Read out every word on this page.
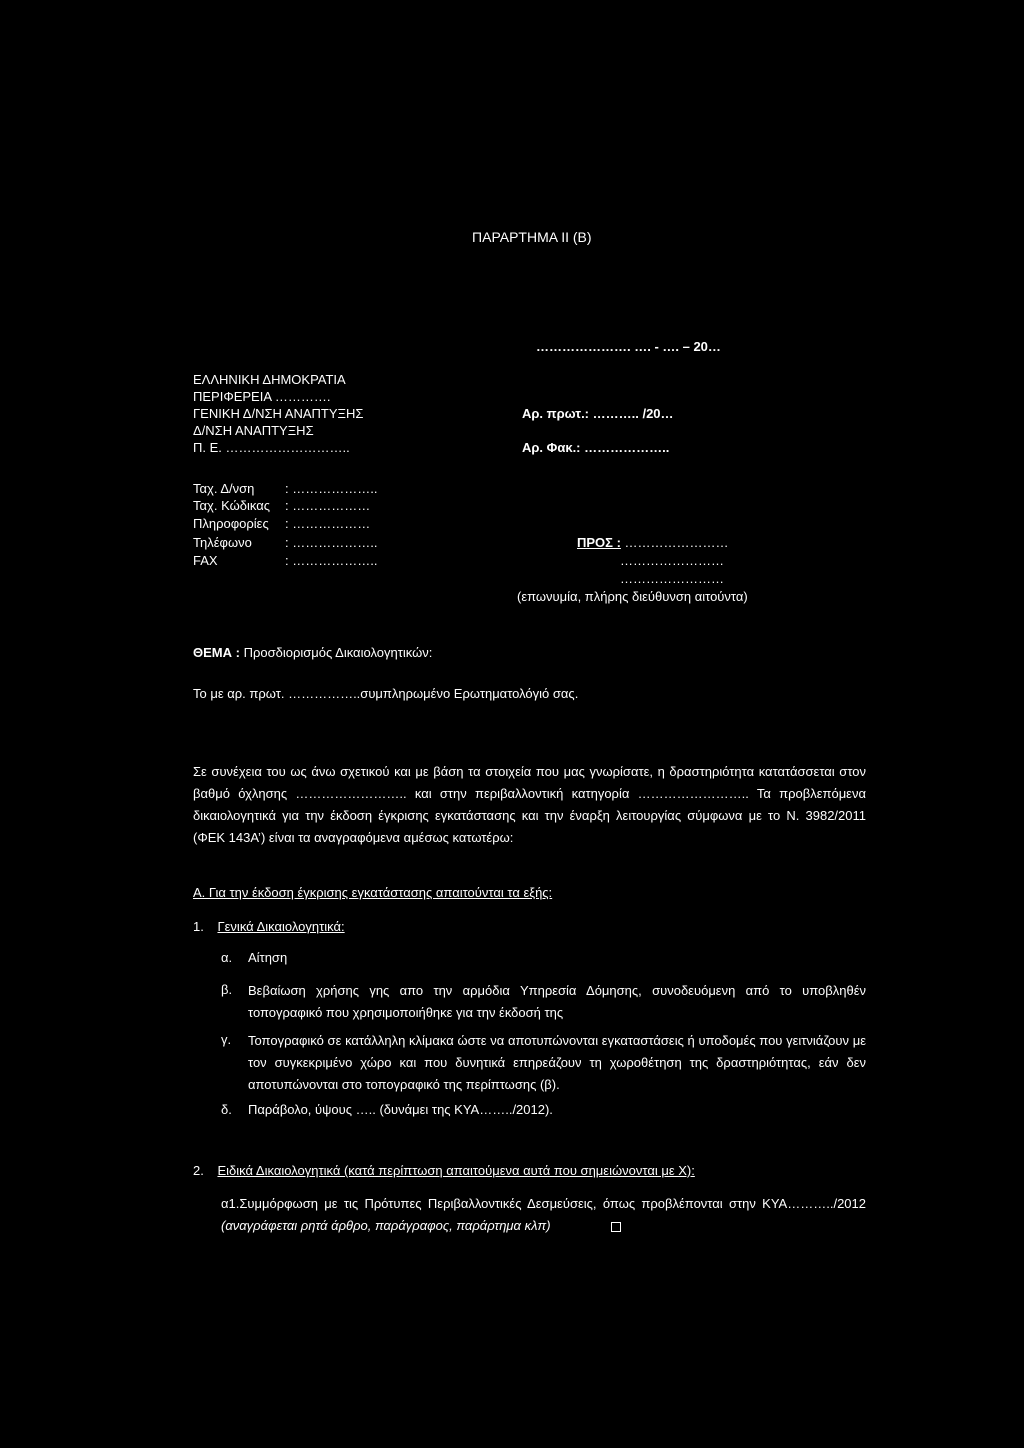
ΠΑΡΑΡΤΗΜΑ ΙΙ (Β)
…………………. …. - …. – 20…
ΕΛΛΗΝΙΚΗ ΔΗΜΟΚΡΑΤΙΑ
ΠΕΡΙΦΕΡΕΙΑ ………….
ΓΕΝΙΚΗ Δ/ΝΣΗ ΑΝΑΠΤΥΞΗΣ
Δ/ΝΣΗ ΑΝΑΠΤΥΞΗΣ
Π. Ε. ………………………..
Αρ. πρωτ.: ……….. /20…
Αρ. Φακ.: ………………..
Ταχ. Δ/νση : ………………..
Ταχ. Κώδικας : ………………
Πληροφορίες : ………………
Τηλέφωνο	: ………………..
FAX	: ………………..
ΠΡΟΣ : ……………………
……………………
……………………
(επωνυμία, πλήρης διεύθυνση αιτούντα)
ΘΕΜΑ : Προσδιορισμός Δικαιολογητικών:
Το με αρ. πρωτ. ……………..συμπληρωμένο Ερωτηματολόγιό σας.
Σε συνέχεια του ως άνω σχετικού και με βάση τα στοιχεία που μας γνωρίσατε, η δραστηριότητα κατατάσσεται στον βαθμό όχλησης …………………….. και στην περιβαλλοντική κατηγορία …………………….. Τα προβλεπόμενα δικαιολογητικά για την έκδοση έγκρισης εγκατάστασης και την έναρξη λειτουργίας σύμφωνα με το Ν. 3982/2011 (ΦΕΚ 143Α’) είναι τα αναγραφόμενα αμέσως κατωτέρω:
Α. Για την έκδοση έγκρισης εγκατάστασης απαιτούνται τα εξής:
1. Γενικά Δικαιολογητικά:
α. Αίτηση
β. Βεβαίωση χρήσης γης απο την αρμόδια Υπηρεσία Δόμησης, συνοδευόμενη από το υποβληθέν τοπογραφικό που χρησιμοποιήθηκε για την έκδοσή της
γ. Τοπογραφικό σε κατάλληλη κλίμακα ώστε να αποτυπώνονται εγκαταστάσεις ή υποδομές που γειτνιάζουν με τον συγκεκριμένο χώρο και που δυνητικά επηρεάζουν τη χωροθέτηση της δραστηριότητας, εάν δεν αποτυπώνονται στο τοπογραφικό της περίπτωσης (β).
δ. Παράβολο, ύψους ….. (δυνάμει της ΚΥΑ……../2012).
2. Ειδικά Δικαιολογητικά (κατά περίπτωση απαιτούμενα αυτά που σημειώνονται με Χ):
α1.Συμμόρφωση με τις Πρότυπες Περιβαλλοντικές Δεσμεύσεις, όπως προβλέπονται στην ΚΥΑ………../2012 (αναγράφεται ρητά άρθρο, παράγραφος, παράρτημα κλπ)
